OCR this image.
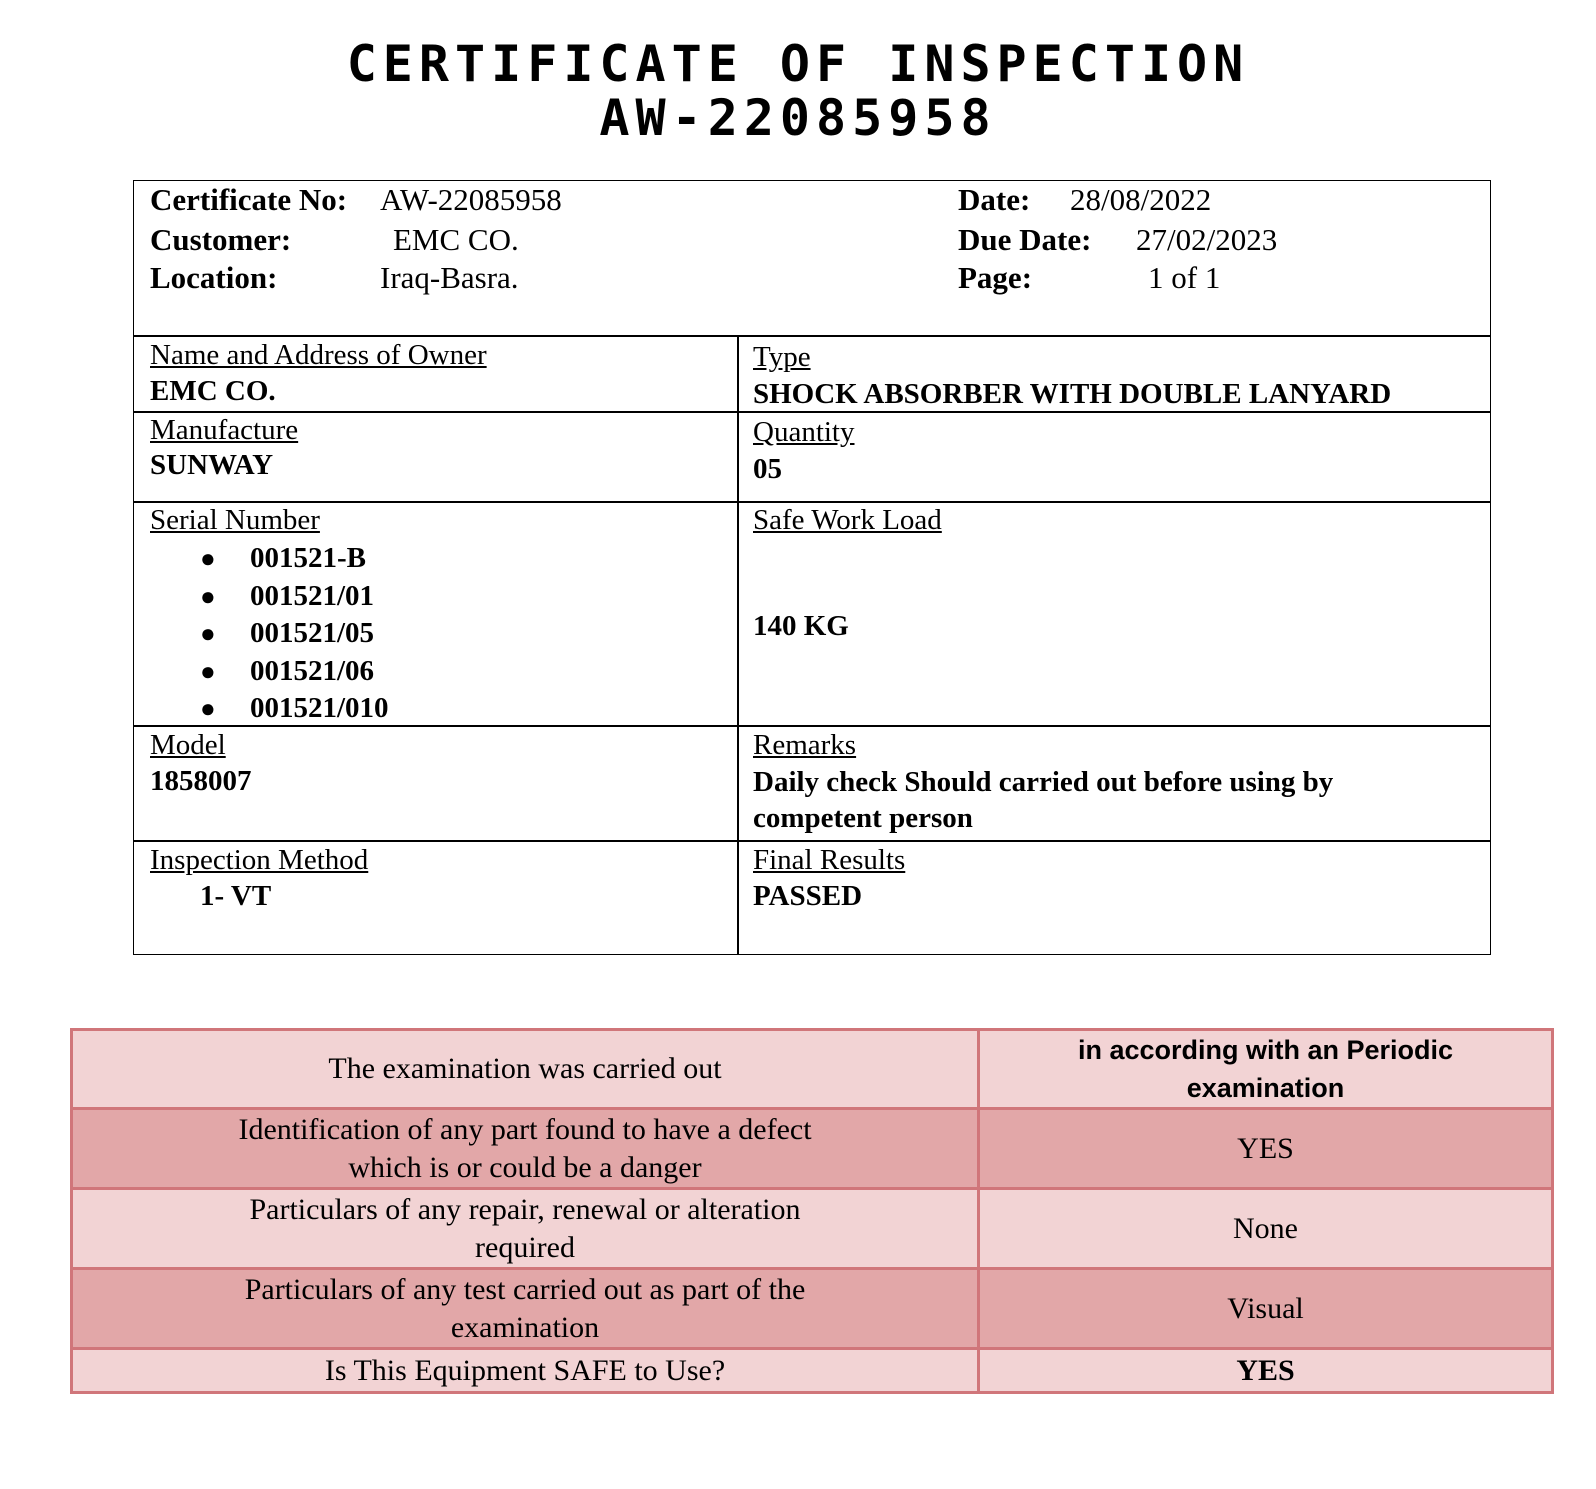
CERTIFICATE OF INSPECTION
AW-22085958
Certificate No: AW-22085958
Customer:	EMC CO.
Location:	Iraq-Basra.
Date: 28/08/2022
Due Date: 27/02/2023
Page:	1 of 1
Name and Address of Owner
EMC CO.
Type
SHOCK ABSORBER WITH DOUBLE LANYARD
Manufacture
SUNWAY
Quantity
05
Serial Number
● 001521-B
● 001521/01
● 001521/05
● 001521/06
● 001521/010
Safe Work Load
140 KG
Model
1858007
Remarks
Daily check Should carried out before using by
competent person
Inspection Method
1- VT
Final Results
PASSED
The examination was carried out	in according with an Periodic
examination
Identification of any part found to have a defect
which is or could be a danger	YES
Particulars of any repair, renewal or alteration
required	None
Particulars of any test carried out as part of the
examination	Visual
Is This Equipment SAFE to Use?	YES
